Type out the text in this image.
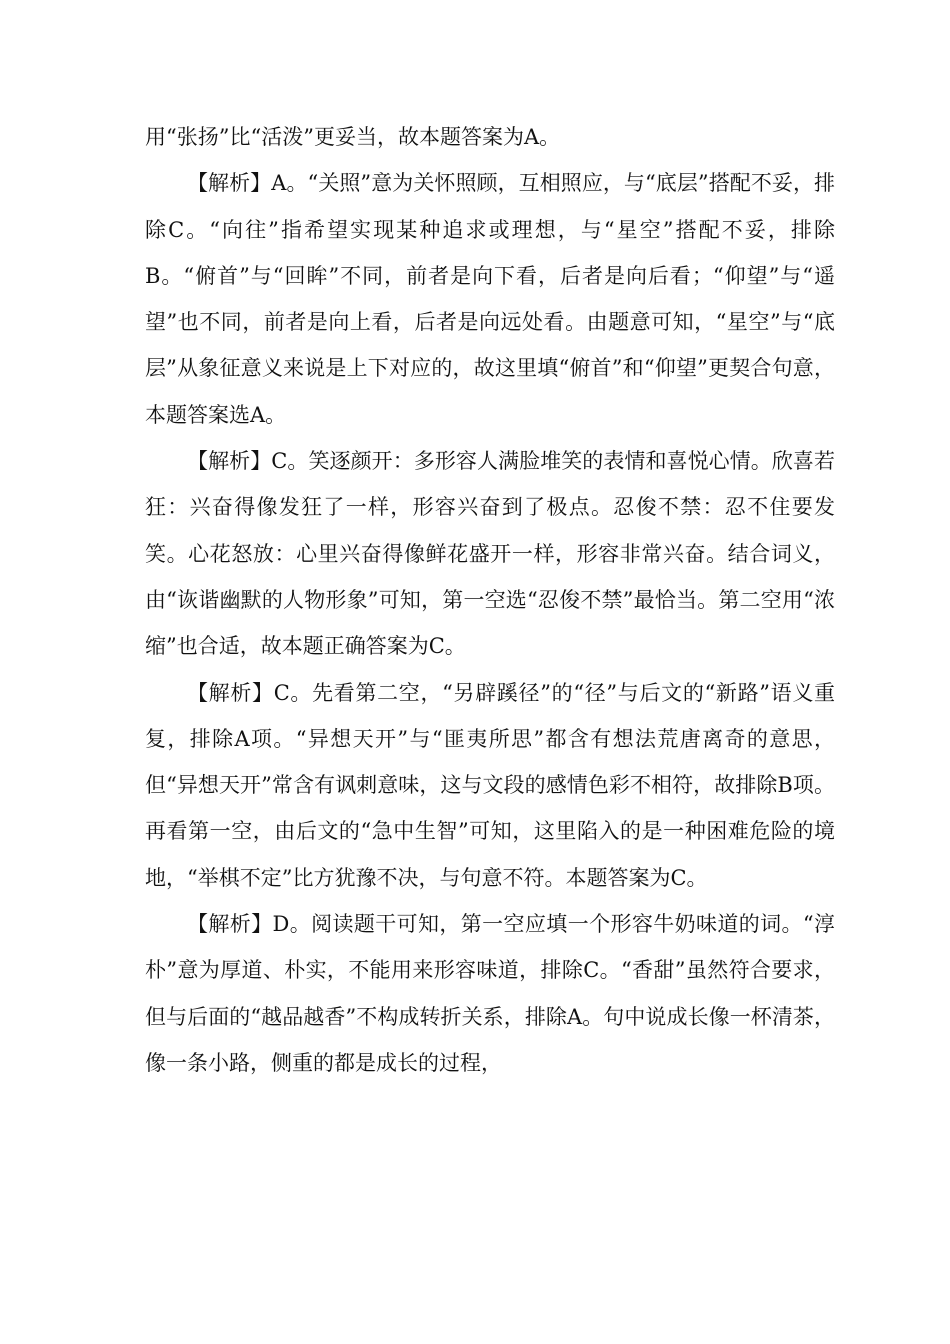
用“张扬”比“活泼”更妥当，故本题答案为A。

【解析】A。“关照”意为关怀照顾，互相照应，与“底层”搭配不妥，排除C。“向往”指希望实现某种追求或理想，与“星空”搭配不妥，排除B。“俯首”与“回眸”不同，前者是向下看，后者是向后看；“仰望”与“遥望”也不同，前者是向上看，后者是向远处看。由题意可知，“星空”与“底层”从象征意义来说是上下对应的，故这里填“俯首”和“仰望”更契合句意，本题答案选A。

【解析】C。笑逐颜开：多形容人满脸堆笑的表情和喜悦心情。欣喜若狂：兴奋得像发狂了一样，形容兴奋到了极点。忍俊不禁：忍不住要发笑。心花怒放：心里兴奋得像鲜花盛开一样，形容非常兴奋。结合词义，由“诙谐幽默的人物形象”可知，第一空选“忍俊不禁”最恰当。第二空用“浓缩”也合适，故本题正确答案为C。

【解析】C。先看第二空，“另辟蹊径”的“径”与后文的“新路”语义重复，排除A项。“异想天开”与“匪夷所思”都含有想法荒唐离奇的意思，但“异想天开”常含有讽刺意味，这与文段的感情色彩不相符，故排除B项。再看第一空，由后文的“急中生智”可知，这里陷入的是一种困难危险的境地，“举棋不定”比方犹豫不决，与句意不符。本题答案为C。

【解析】D。阅读题干可知，第一空应填一个形容牛奶味道的词。“淳朴”意为厚道、朴实，不能用来形容味道，排除C。“香甜”虽然符合要求，但与后面的“越品越香”不构成转折关系，排除A。句中说成长像一杯清茶，像一条小路，侧重的都是成长的过程，
